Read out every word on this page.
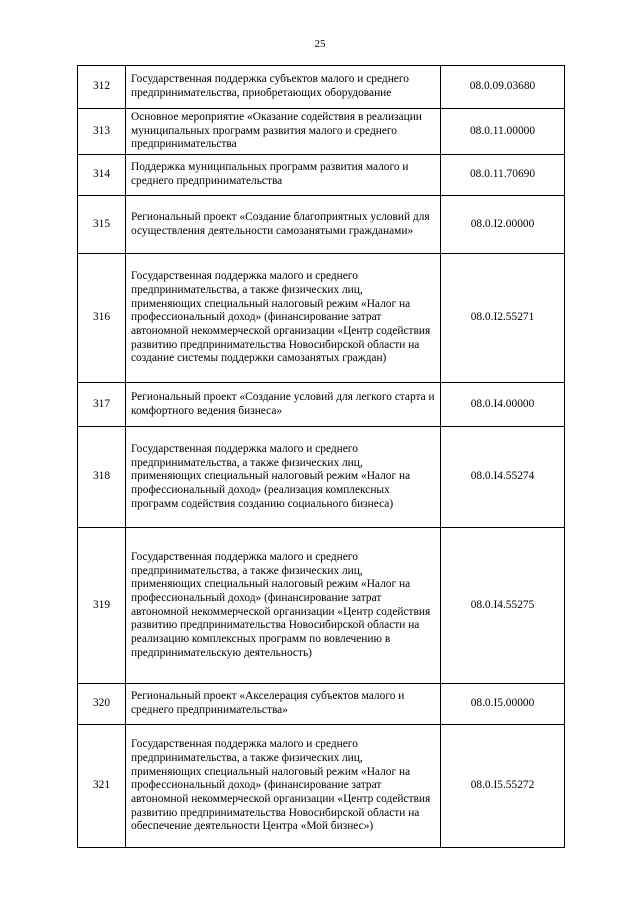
25
312	Государственная поддержка субъектов малого и среднего предпринимательства, приобретающих оборудование	08.0.09.03680
313	Основное мероприятие «Оказание содействия в реализации муниципальных программ развития малого и среднего предпринимательства	08.0.11.00000
314	Поддержка муниципальных программ развития малого и среднего предпринимательства	08.0.11.70690
315	Региональный проект «Создание благоприятных условий для осуществления деятельности самозанятыми гражданами»	08.0.I2.00000
316	Государственная поддержка малого и среднего предпринимательства, а также физических лиц, применяющих специальный налоговый режим «Налог на профессиональный доход» (финансирование затрат автономной некоммерческой организации «Центр содействия развитию предпринимательства Новосибирской области на создание системы поддержки самозанятых граждан)	08.0.I2.55271
317	Региональный проект «Создание условий для легкого старта и комфортного ведения бизнеса»	08.0.I4.00000
318	Государственная поддержка малого и среднего предпринимательства, а также физических лиц, применяющих специальный налоговый режим «Налог на профессиональный доход» (реализация комплексных программ содействия созданию социального бизнеса)	08.0.I4.55274
319	Государственная поддержка малого и среднего предпринимательства, а также физических лиц, применяющих специальный налоговый режим «Налог на профессиональный доход» (финансирование затрат автономной некоммерческой организации «Центр содействия развитию предпринимательства Новосибирской области на реализацию комплексных программ по вовлечению в предпринимательскую деятельность)	08.0.I4.55275
320	Региональный проект «Акселерация субъектов малого и среднего предпринимательства»	08.0.I5.00000
321	Государственная поддержка малого и среднего предпринимательства, а также физических лиц, применяющих специальный налоговый режим «Налог на профессиональный доход» (финансирование затрат автономной некоммерческой организации «Центр содействия развитию предпринимательства Новосибирской области на обеспечение деятельности Центра «Мой бизнес»)	08.0.I5.55272
